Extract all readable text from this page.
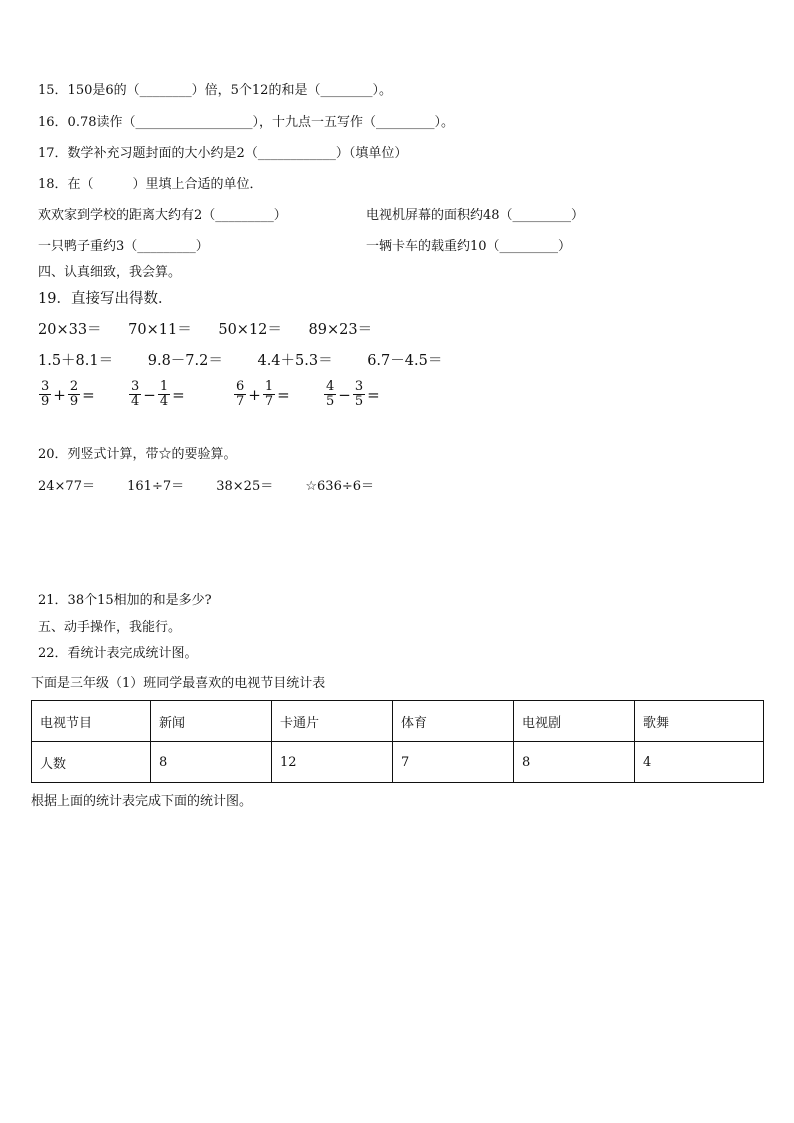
15．150是6的（________）倍，5个12的和是（________）。
16．0.78读作（__________________），十九点一五写作（_________）。
17．数学补充习题封面的大小约是2（____________）（填单位）
18．在（　　　）里填上合适的单位．
欢欢家到学校的距离大约有2（_________）	电视机屏幕的面积约48（_________）
一只鸭子重约3（_________）	一辆卡车的载重约10（_________）
四、认真细致，我会算。
19．直接写出得数．
20×33＝ 70×11＝ 50×12＝ 89×23＝
1.5＋8.1＝ 9.8－7.2＝ 4.4＋5.3＝ 6.7－4.5＝
$\frac{3}{9} + \frac{2}{9}$ =	$\frac{3}{4} - \frac{1}{4}$ =	$\frac{6}{7} + \frac{1}{7}$ =	$\frac{4}{5} - \frac{3}{5}$ =
20．列竖式计算，带☆的要验算。
24×77＝ 161÷7＝ 38×25＝ ☆636÷6＝
21．38个15相加的和是多少?
五、动手操作，我能行。
22．看统计表完成统计图。
下面是三年级（1）班同学最喜欢的电视节目统计表
电视节目	新闻	卡通片	体育	电视剧	歌舞
人数	8	12	7	8	4
根据上面的统计表完成下面的统计图。
